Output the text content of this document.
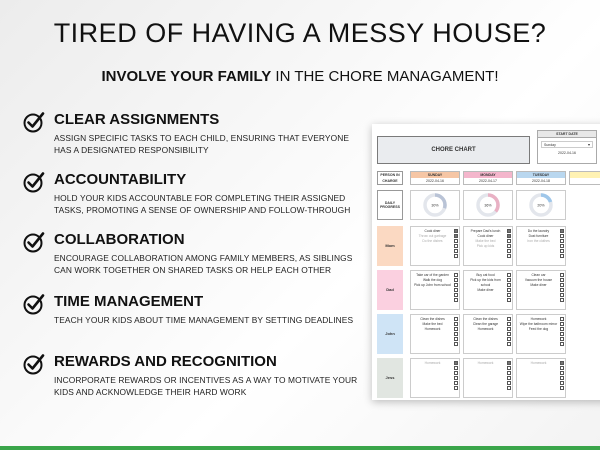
TIRED OF HAVING A MESSY HOUSE?
INVOLVE YOUR FAMILY IN THE CHORE MANAGAMENT!
CLEAR ASSIGNMENTS

ASSIGN SPECIFIC TASKS TO EACH CHILD, ENSURING THAT EVERYONE HAS A DESIGNATED RESPONSIBILITY

ACCOUNTABILITY

HOLD YOUR KIDS ACCOUNTABLE FOR COMPLETING THEIR ASSIGNED TASKS, PROMOTING A SENSE OF OWNERSHIP AND FOLLOW-THROUGH

COLLABORATION

ENCOURAGE COLLABORATION AMONG FAMILY MEMBERS, AS SIBLINGS CAN WORK TOGETHER ON SHARED TASKS OR HELP EACH OTHER

TIME MANAGEMENT

TEACH YOUR KIDS ABOUT TIME MANAGEMENT BY SETTING DEADLINES

REWARDS AND RECOGNITION

INCORPORATE REWARDS OR INCENTIVES AS A WAY TO MOTIVATE YOUR KIDS AND ACKNOWLEDGE THEIR HARD WORK

CHORE CHART
START DATE
Sunday ▾
2022-04-16
PERSON IN CHARGE
DAILY PROGRESS
SUNDAY
2022-04-16
30%
MONDAY
2022-04-17
36%
TUESDAY
2022-04-18
20%
Mom
Cook diner
Throw out garbage
Do the dishes
Prepare Dad's lunch
Cook diner
Make the bed
Pick up kids
Do the laundry
Dust furniture
Iron the clothes
Dad
Take car of the garden
Walk the dog
Pick up John from school
Buy cat food
Pick up the kids from school
Make diner
Clean car
Vacuum the house
Make diner
John
Clean the dishes
Make the bed
Homework
Clean the dishes
Clean the garage
Homework
Homework
Wipe the bathroom mirror
Feed the dog
Jess
Homework	Homework	Homework
